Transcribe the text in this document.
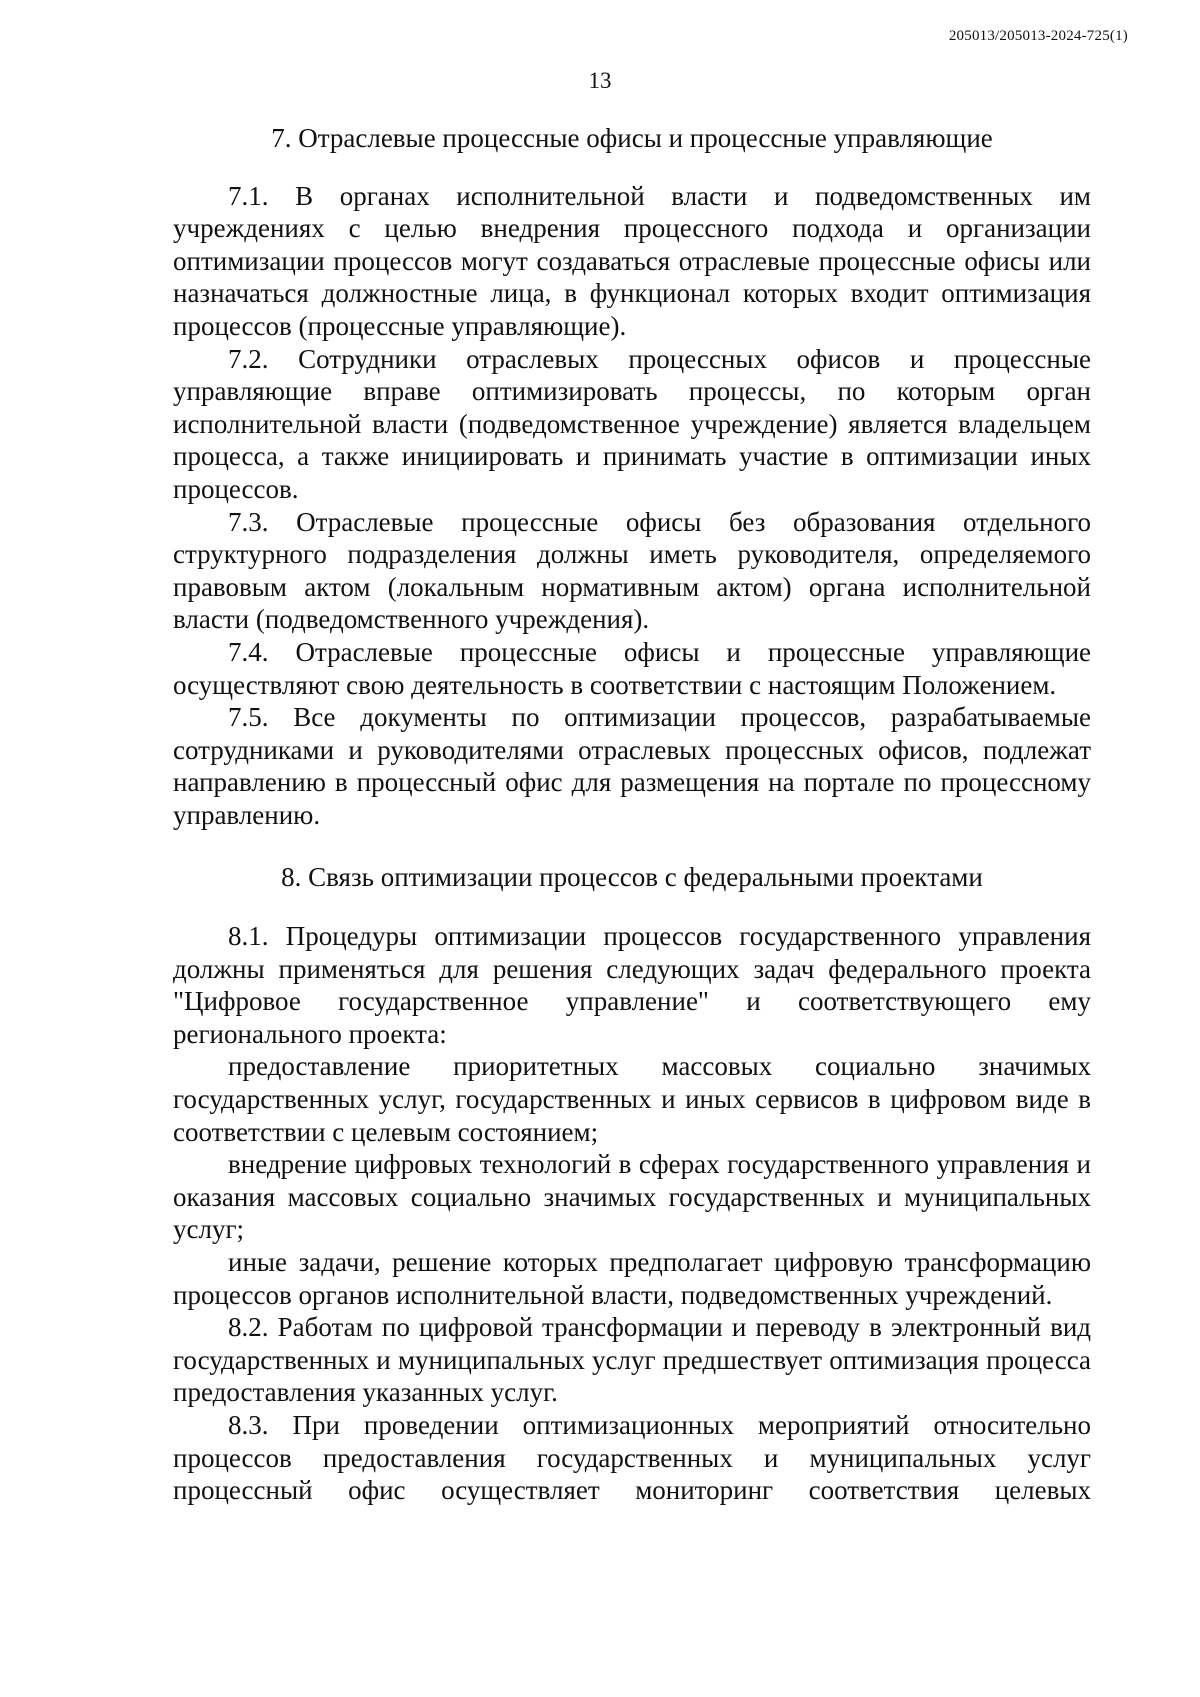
205013/205013-2024-725(1)
13
7. Отраслевые процессные офисы и процессные управляющие

7.1. В органах исполнительной власти и подведомственных им учреждениях с целью внедрения процессного подхода и организации оптимизации процессов могут создаваться отраслевые процессные офисы или назначаться должностные лица, в функционал которых входит оптимизация процессов (процессные управляющие).

7.2. Сотрудники отраслевых процессных офисов и процессные управляющие вправе оптимизировать процессы, по которым орган исполнительной власти (подведомственное учреждение) является владельцем процесса, а также инициировать и принимать участие в оптимизации иных процессов.

7.3. Отраслевые процессные офисы без образования отдельного структурного подразделения должны иметь руководителя, определяемого правовым актом (локальным нормативным актом) органа исполнительной власти (подведомственного учреждения).

7.4. Отраслевые процессные офисы и процессные управляющие осуществляют свою деятельность в соответствии с настоящим Положением.

7.5. Все документы по оптимизации процессов, разрабатываемые сотрудниками и руководителями отраслевых процессных офисов, подлежат направлению в процессный офис для размещения на портале по процессному управлению.

8. Связь оптимизации процессов с федеральными проектами

8.1. Процедуры оптимизации процессов государственного управления должны применяться для решения следующих задач федерального проекта "Цифровое государственное управление" и соответствующего ему регионального проекта:

предоставление приоритетных массовых социально значимых государственных услуг, государственных и иных сервисов в цифровом виде в соответствии с целевым состоянием;

внедрение цифровых технологий в сферах государственного управления и оказания массовых социально значимых государственных и муниципальных услуг;

иные задачи, решение которых предполагает цифровую трансформацию процессов органов исполнительной власти, подведомственных учреждений.

8.2. Работам по цифровой трансформации и переводу в электронный вид государственных и муниципальных услуг предшествует оптимизация процесса предоставления указанных услуг.

8.3. При проведении оптимизационных мероприятий относительно процессов предоставления государственных и муниципальных услуг процессный офис осуществляет мониторинг соответствия целевых
